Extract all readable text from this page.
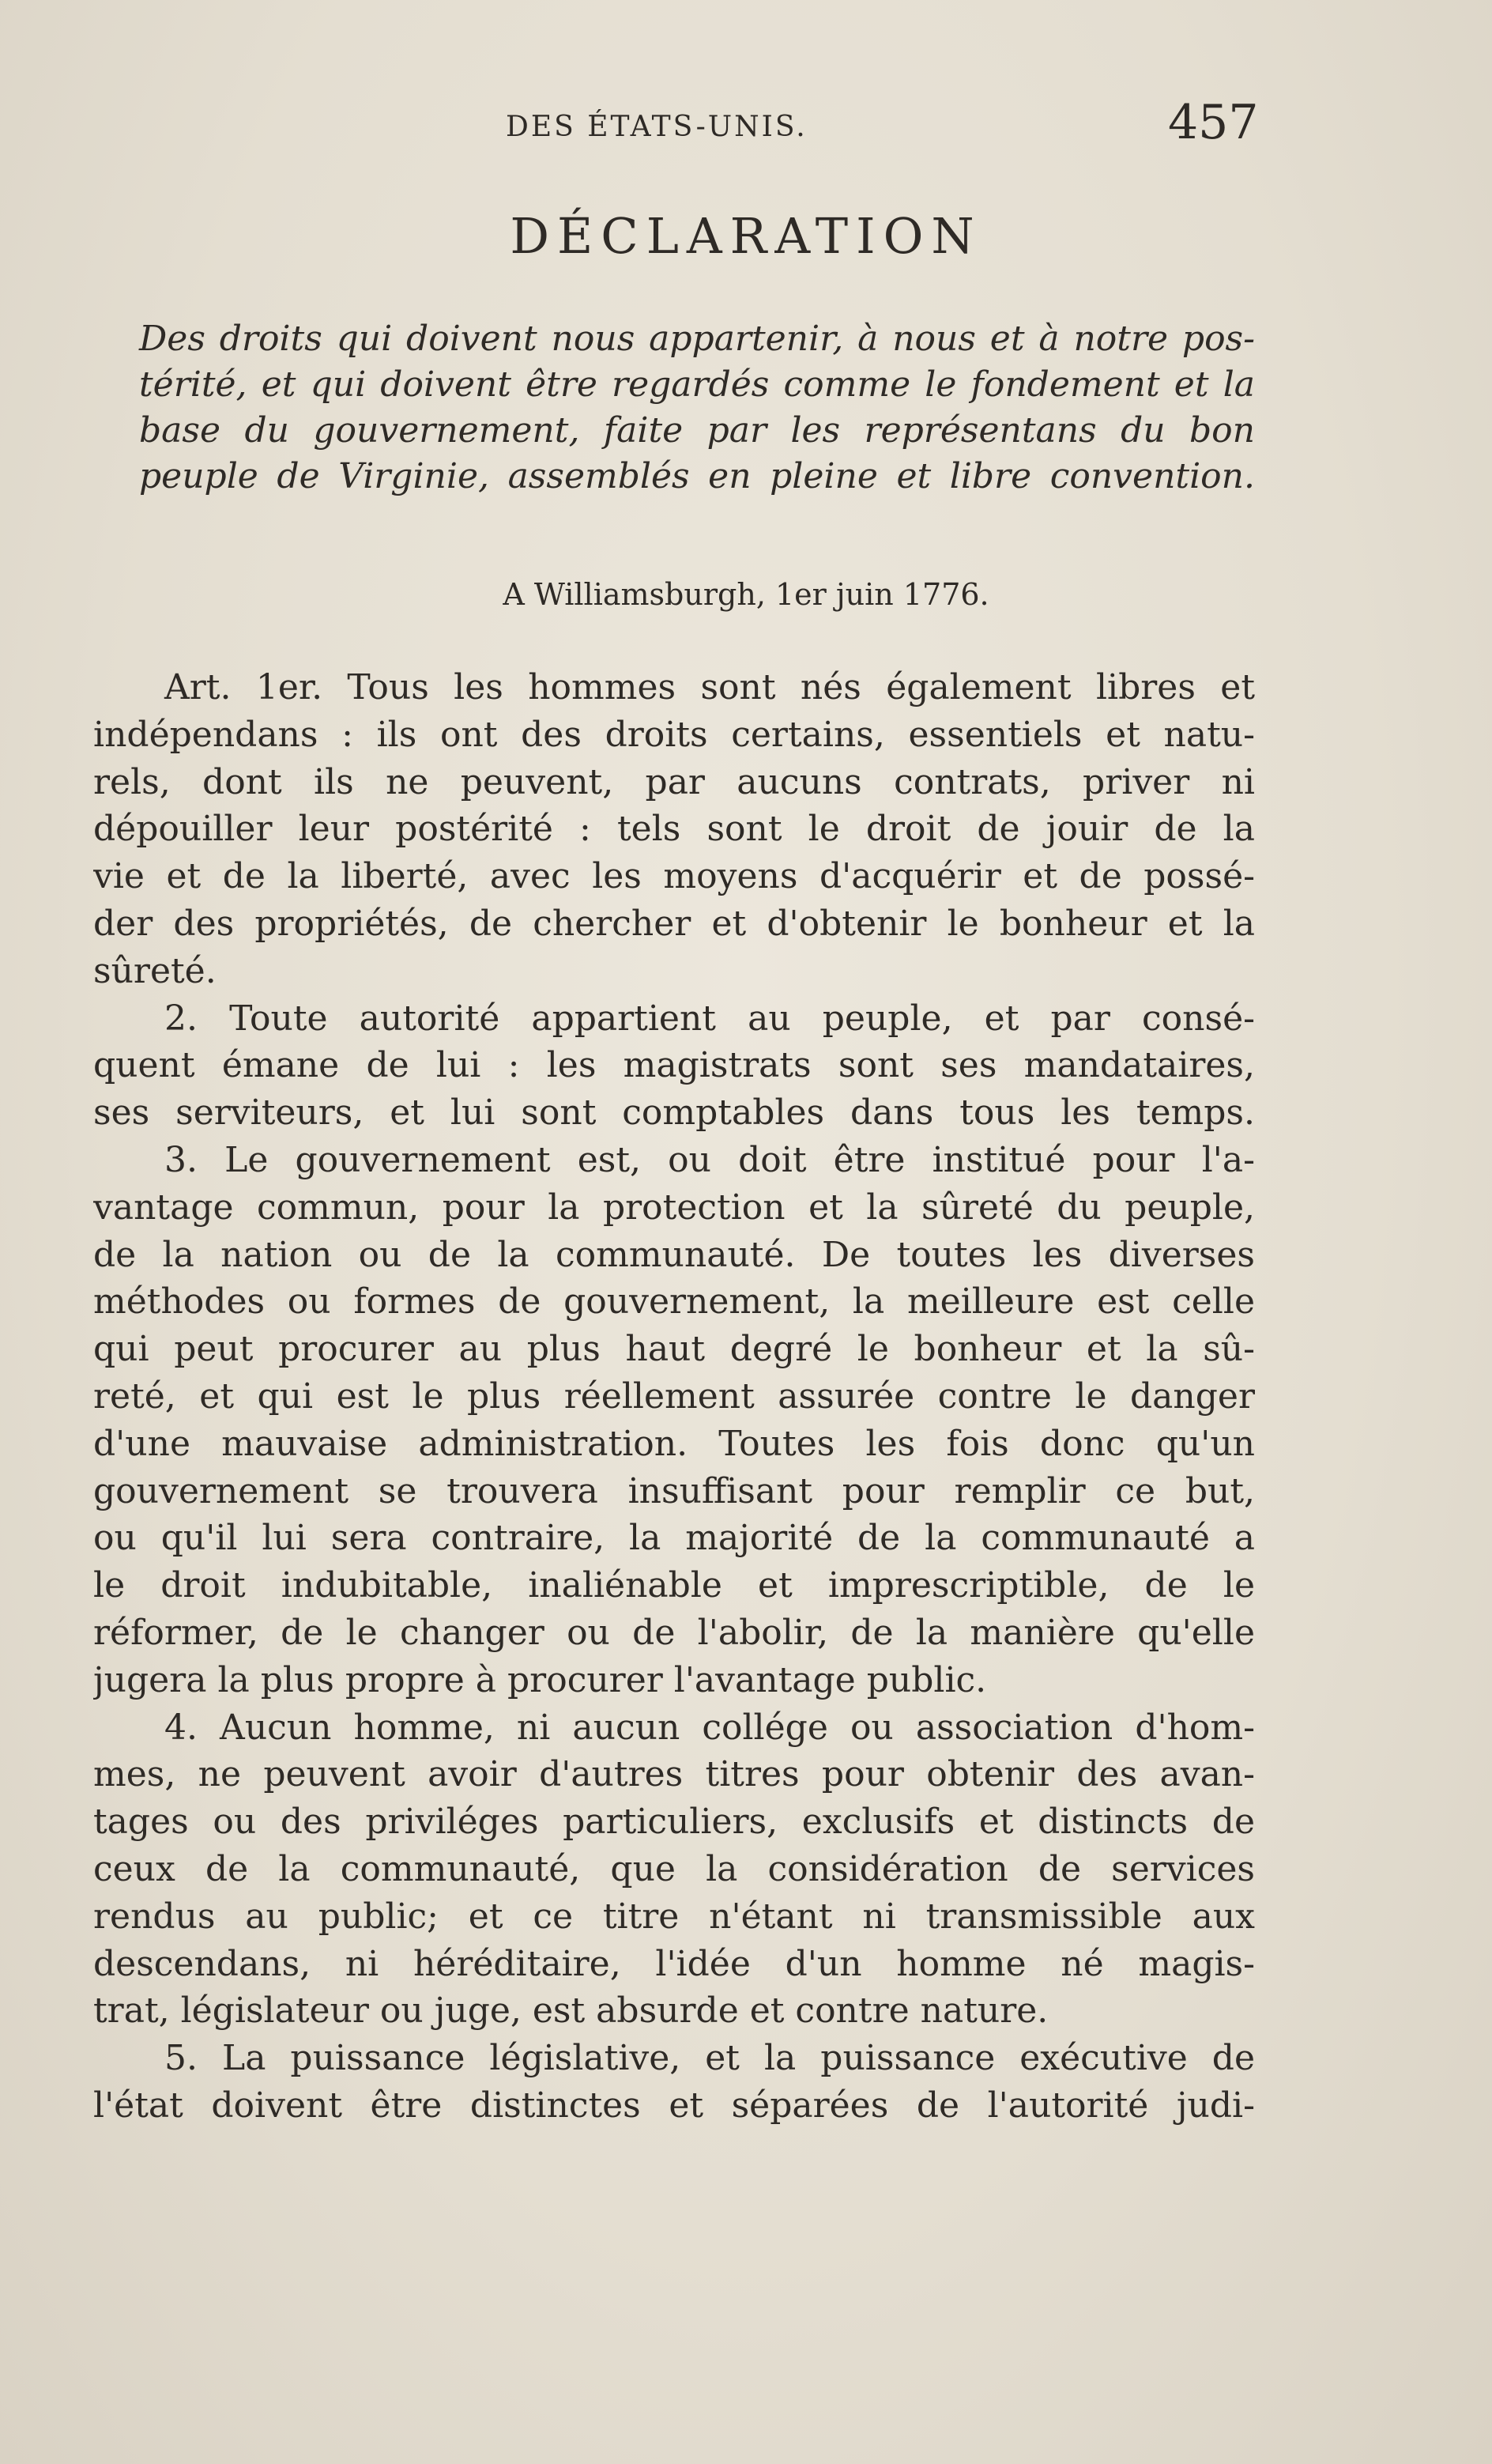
DES ÉTATS-UNIS.	457
DÉCLARATION
Des droits qui doivent nous appartenir, à nous et à notre pos-
térité, et qui doivent être regardés comme le fondement et la
base du gouvernement, faite par les représentans du bon
peuple de Virginie, assemblés en pleine et libre convention.
A Williamsburgh, 1er juin 1776.
Art. 1er. Tous les hommes sont nés également libres et
indépendans : ils ont des droits certains, essentiels et natu-
rels, dont ils ne peuvent, par aucuns contrats, priver ni
dépouiller leur postérité : tels sont le droit de jouir de la
vie et de la liberté, avec les moyens d'acquérir et de possé-
der des propriétés, de chercher et d'obtenir le bonheur et la
sûreté.
2. Toute autorité appartient au peuple, et par consé-
quent émane de lui : les magistrats sont ses mandataires,
ses serviteurs, et lui sont comptables dans tous les temps.
3. Le gouvernement est, ou doit être institué pour l'a-
vantage commun, pour la protection et la sûreté du peuple,
de la nation ou de la communauté. De toutes les diverses
méthodes ou formes de gouvernement, la meilleure est celle
qui peut procurer au plus haut degré le bonheur et la sû-
reté, et qui est le plus réellement assurée contre le danger
d'une mauvaise administration. Toutes les fois donc qu'un
gouvernement se trouvera insuffisant pour remplir ce but,
ou qu'il lui sera contraire, la majorité de la communauté a
le droit indubitable, inaliénable et imprescriptible, de le
réformer, de le changer ou de l'abolir, de la manière qu'elle
jugera la plus propre à procurer l'avantage public.
4. Aucun homme, ni aucun collége ou association d'hom-
mes, ne peuvent avoir d'autres titres pour obtenir des avan-
tages ou des priviléges particuliers, exclusifs et distincts de
ceux de la communauté, que la considération de services
rendus au public; et ce titre n'étant ni transmissible aux
descendans, ni héréditaire, l'idée d'un homme né magis-
trat, législateur ou juge, est absurde et contre nature.
5. La puissance législative, et la puissance exécutive de
l'état doivent être distinctes et séparées de l'autorité judi-
